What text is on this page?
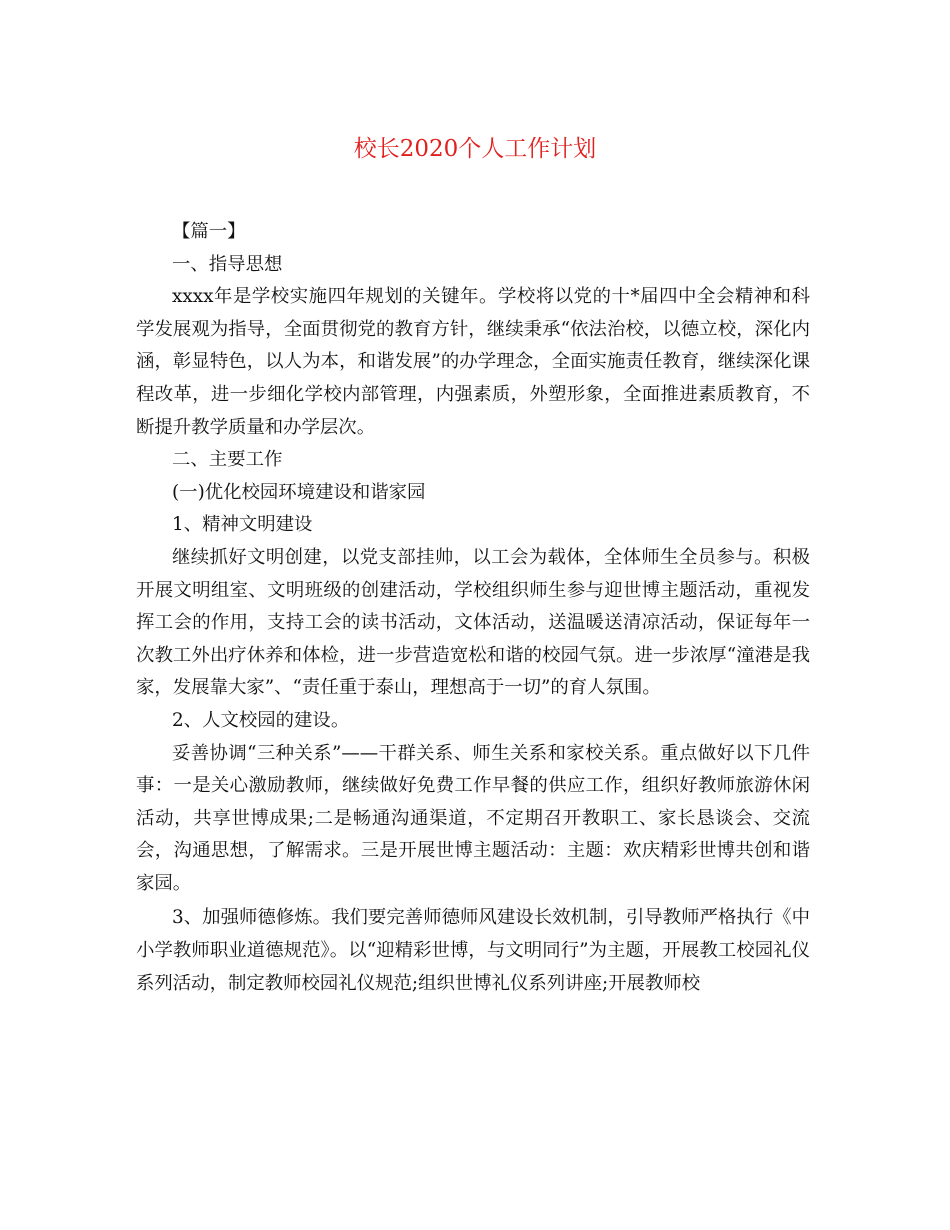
校长2020个人工作计划

【篇一】

一、指导思想

xxxx年是学校实施四年规划的关键年。学校将以党的十*届四中全会精神和科学发展观为指导，全面贯彻党的教育方针，继续秉承“依法治校，以德立校，深化内涵，彰显特色，以人为本，和谐发展”的办学理念，全面实施责任教育，继续深化课程改革，进一步细化学校内部管理，内强素质，外塑形象，全面推进素质教育，不断提升教学质量和办学层次。

二、主要工作

(一)优化校园环境建设和谐家园

1、精神文明建设

继续抓好文明创建，以党支部挂帅，以工会为载体，全体师生全员参与。积极开展文明组室、文明班级的创建活动，学校组织师生参与迎世博主题活动，重视发挥工会的作用，支持工会的读书活动，文体活动，送温暖送清凉活动，保证每年一次教工外出疗休养和体检，进一步营造宽松和谐的校园气氛。进一步浓厚“潼港是我家，发展靠大家”、“责任重于泰山，理想高于一切”的育人氛围。

2、人文校园的建设。

妥善协调“三种关系”——干群关系、师生关系和家校关系。重点做好以下几件事：一是关心激励教师，继续做好免费工作早餐的供应工作，组织好教师旅游休闲活动，共享世博成果;二是畅通沟通渠道，不定期召开教职工、家长恳谈会、交流会，沟通思想，了解需求。三是开展世博主题活动：主题：欢庆精彩世博共创和谐家园。

3、加强师德修炼。我们要完善师德师风建设长效机制，引导教师严格执行《中小学教师职业道德规范》。以“迎精彩世博，与文明同行”为主题，开展教工校园礼仪系列活动，制定教师校园礼仪规范;组织世博礼仪系列讲座;开展教师校
